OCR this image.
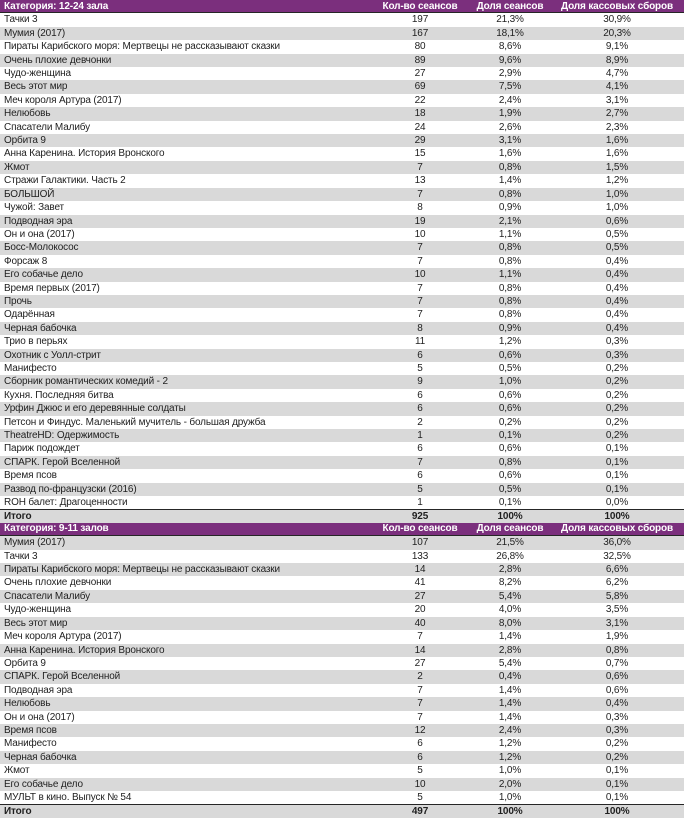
Категория: 12-24 зала	Кол-во сеансов	Доля сеансов	Доля кассовых сборов
Тачки 3	197	21,3%	30,9%
Мумия (2017)	167	18,1%	20,3%
Пираты Карибского моря: Мертвецы не рассказывают сказки	80	8,6%	9,1%
Очень плохие девчонки	89	9,6%	8,9%
Чудо-женщина	27	2,9%	4,7%
Весь этот мир	69	7,5%	4,1%
Меч короля Артура (2017)	22	2,4%	3,1%
Нелюбовь	18	1,9%	2,7%
Спасатели Малибу	24	2,6%	2,3%
Орбита 9	29	3,1%	1,6%
Анна Каренина. История Вронского	15	1,6%	1,6%
Жмот	7	0,8%	1,5%
Стражи Галактики. Часть 2	13	1,4%	1,2%
БОЛЬШОЙ	7	0,8%	1,0%
Чужой: Завет	8	0,9%	1,0%
Подводная эра	19	2,1%	0,6%
Он и она (2017)	10	1,1%	0,5%
Босс-Молокосос	7	0,8%	0,5%
Форсаж 8	7	0,8%	0,4%
Его собачье дело	10	1,1%	0,4%
Время первых (2017)	7	0,8%	0,4%
Прочь	7	0,8%	0,4%
Одарённая	7	0,8%	0,4%
Черная бабочка	8	0,9%	0,4%
Трио в перьях	11	1,2%	0,3%
Охотник с Уолл-стрит	6	0,6%	0,3%
Манифесто	5	0,5%	0,2%
Сборник романтических комедий - 2	9	1,0%	0,2%
Кухня. Последняя битва	6	0,6%	0,2%
Урфин Джюс и его деревянные солдаты	6	0,6%	0,2%
Петсон и Финдус. Маленький мучитель - большая дружба	2	0,2%	0,2%
TheatreHD: Одержимость	1	0,1%	0,2%
Париж подождет	6	0,6%	0,1%
СПАРК. Герой Вселенной	7	0,8%	0,1%
Время псов	6	0,6%	0,1%
Развод по-французски (2016)	5	0,5%	0,1%
ROH балет: Драгоценности	1	0,1%	0,0%
Итого	925	100%	100%
Категория: 9-11 залов	Кол-во сеансов	Доля сеансов	Доля кассовых сборов
Мумия (2017)	107	21,5%	36,0%
Тачки 3	133	26,8%	32,5%
Пираты Карибского моря: Мертвецы не рассказывают сказки	14	2,8%	6,6%
Очень плохие девчонки	41	8,2%	6,2%
Спасатели Малибу	27	5,4%	5,8%
Чудо-женщина	20	4,0%	3,5%
Весь этот мир	40	8,0%	3,1%
Меч короля Артура (2017)	7	1,4%	1,9%
Анна Каренина. История Вронского	14	2,8%	0,8%
Орбита 9	27	5,4%	0,7%
СПАРК. Герой Вселенной	2	0,4%	0,6%
Подводная эра	7	1,4%	0,6%
Нелюбовь	7	1,4%	0,4%
Он и она (2017)	7	1,4%	0,3%
Время псов	12	2,4%	0,3%
Манифесто	6	1,2%	0,2%
Черная бабочка	6	1,2%	0,2%
Жмот	5	1,0%	0,1%
Его собачье дело	10	2,0%	0,1%
МУЛЬТ в кино. Выпуск № 54	5	1,0%	0,1%
Итого	497	100%	100%
